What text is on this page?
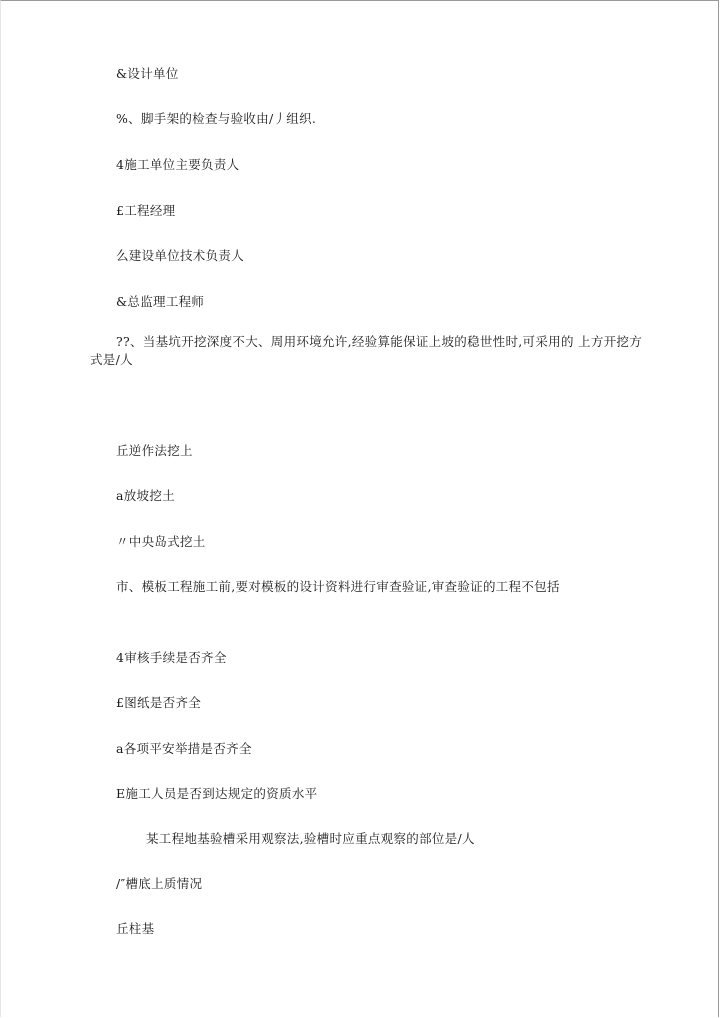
&设计单位
%、脚手架的检查与验收由/丿组织.
4施工单位主要负责人
£工程经理
么建设单位技术负责人
&总监理工程师
??、当基坑开挖深度不大、周用环境允许,经验算能保证上坡的稳世性时,可采用的 上方开挖方式是/人
丘逆作法挖上
a放坡挖土
〃中央岛式挖土
市、模板工程施工前,要对模板的设计资料进行审查验证,审查验证的工程不包括
4审核手续是否齐全
£图纸是否齐全
a各项平安举措是否齐全
E施工人员是否到达规定的资质水平
某工程地基验槽采用观察法,验槽时应重点观察的部位是/人
/″槽底上质情况
丘柱基
